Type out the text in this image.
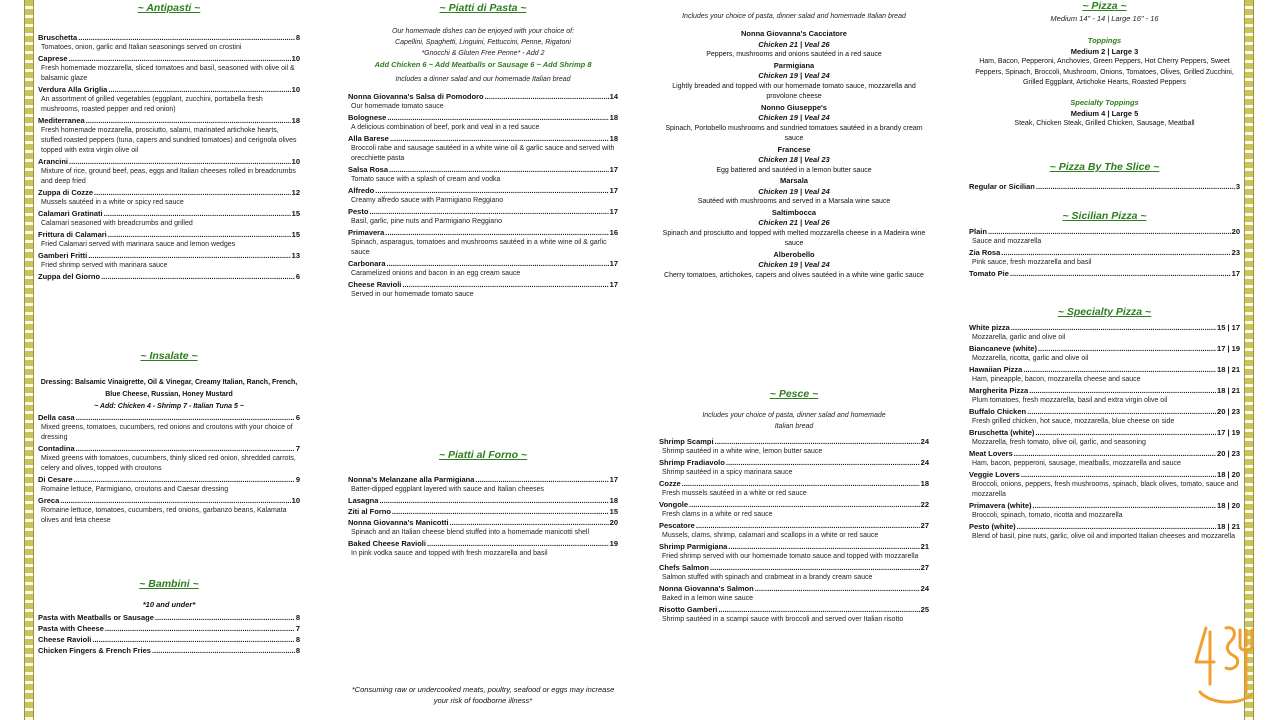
~ Antipasti ~
Bruschetta .....	8
Tomatoes, onion, garlic and Italian seasonings served on crostini
Caprese .....	10
Fresh homemade mozzarella, sliced tomatoes and basil, seasoned with olive oil & balsamic glaze
Verdura Alla Griglia .....	10
An assortment of grilled vegetables (eggplant, zucchini, portabella fresh mushrooms, roasted pepper and red onion)
Mediterranea .....	18
Fresh homemade mozzarella, prosciutto, salami, marinated artichoke hearts, stuffed roasted peppers (tuna, capers and sundried tomatoes) and cerignola olives topped with extra virgin olive oil
Arancini .....	10
Mixture of rice, ground beef, peas, eggs and Italian cheeses rolled in breadcrumbs and deep fried
Zuppa di Cozze .....	12
Mussels sautéed in a white or spicy red sauce
Calamari Gratinati .....	15
Calamari seasoned with breadcrumbs and grilled
Frittura di Calamari .....	15
Fried Calamari served with marinara sauce and lemon wedges
Gamberi Fritti .....	13
Fried shrimp served with marinara sauce
Zuppa del Giorno .....	6
~ Insalate ~
Dressing: Balsamic Vinaigrette, Oil & Vinegar, Creamy Italian, Ranch, French, Blue Cheese, Russian, Honey Mustard
~ Add: Chicken 4 - Shrimp 7 - Italian Tuna 5 ~
Della casa .....	6
Mixed greens, tomatoes, cucumbers, red onions and croutons with your choice of dressing
Contadina .....	7
Mixed greens with tomatoes, cucumbers, thinly sliced red onion, shredded carrots, celery and olives, topped with croutons
Di Cesare .....	9
Romaine lettuce, Parmigiano, croutons and Caesar dressing
Greca .....	10
Romaine lettuce, tomatoes, cucumbers, red onions, garbanzo beans, Kalamata olives and feta cheese
~ Bambini ~
*10 and under*
Pasta with Meatballs or Sausage .....	8
Pasta with Cheese .....	7
Cheese Ravioli .....	8
Chicken Fingers & French Fries .....	8
~ Piatti di Pasta ~
Our homemade dishes can be enjoyed with your choice of:
Capellini, Spaghetti, Linguini, Fettuccini, Penne, Rigatoni
*Gnocchi & Gluten Free Penne* - Add 2
Add Chicken 6 ~ Add Meatballs or Sausage 6 ~ Add Shrimp 8
Includes a dinner salad and our homemade Italian bread
Nonna Giovanna's Salsa di Pomodoro .....	14
Our homemade tomato sauce
Bolognese .....	18
A delicious combination of beef, pork and veal in a red sauce
Alla Barese .....	18
Broccoli rabe and sausage sautéed in a white wine oil & garlic sauce and served with orecchiette pasta
Salsa Rosa .....	17
Tomato sauce with a splash of cream and vodka
Alfredo .....	17
Creamy alfredo sauce with Parmigiano Reggiano
Pesto .....	17
Basil, garlic, pine nuts and Parmigiano Reggiano
Primavera .....	16
Spinach, asparagus, tomatoes and mushrooms sautéed in a white wine oil & garlic sauce
Carbonara .....	17
Caramelized onions and bacon in an egg cream sauce
Cheese Ravioli .....	17
Served in our homemade tomato sauce
~ Piatti al Forno ~
Nonna's Melanzane alla Parmigiana .....	17
Batter-dipped eggplant layered with sauce and Italian cheeses
Lasagna .....	18
Ziti al Forno .....	15
Nonna Giovanna's Manicotti .....	20
Spinach and an Italian cheese blend stuffed into a homemade manicotti shell
Baked Cheese Ravioli .....	19
In pink vodka sauce and topped with fresh mozzarella and basil
*Consuming raw or undercooked meats, poultry, seafood or eggs may increase your risk of foodborne illness*
Includes your choice of pasta, dinner salad and homemade Italian bread
Nonna Giovanna's Cacciatore
Chicken 21 | Veal 26
Peppers, mushrooms and onions sautéed in a red sauce
Parmigiana
Chicken 19 | Veal 24
Lightly breaded and topped with our homemade tomato sauce, mozzarella and provolone cheese
Nonno Giuseppe's
Chicken 19 | Veal 24
Spinach, Portobello mushrooms and sundried tomatoes sautéed in a brandy cream sauce
Francese
Chicken 18 | Veal 23
Egg battered and sautéed in a lemon butter sauce
Marsala
Chicken 19 | Veal 24
Sautéed with mushrooms and served in a Marsala wine sauce
Saltimbocca
Chicken 21 | Veal 26
Spinach and prosciutto and topped with melted mozzarella cheese in a Madeira wine sauce
Alberobello
Chicken 19 | Veal 24
Cherry tomatoes, artichokes, capers and olives sautéed in a white wine garlic sauce
~ Pesce ~
Includes your choice of pasta, dinner salad and homemade Italian bread
Shrimp Scampi .....	24
Shrimp sautéed in a white wine, lemon butter sauce
Shrimp Fradiavolo .....	24
Shrimp sautéed in a spicy marinara sauce
Cozze .....	18
Fresh mussels sautéed in a white or red sauce
Vongole .....	22
Fresh clams in a white or red sauce
Pescatore .....	27
Mussels, clams, shrimp, calamari and scallops in a white or red sauce
Shrimp Parmigiana .....	21
Fried shrimp served with our homemade tomato sauce and topped with mozzarella
Chefs Salmon .....	27
Salmon stuffed with spinach and crabmeat in a brandy cream sauce
Nonna Giovanna's Salmon .....	24
Baked in a lemon wine sauce
Risotto Gamberi .....	25
Shrimp sautéed in a scampi sauce with broccoli and served over Italian risotto
~ Pizza ~
Medium 14" - 14 | Large 16" - 16
Toppings
Medium 2 | Large 3
Ham, Bacon, Pepperoni, Anchovies, Green Peppers, Hot Cherry Peppers, Sweet Peppers, Spinach, Broccoli, Mushroom, Onions, Tomatoes, Olives, Grilled Zucchini, Grilled Eggplant, Artichoke Hearts, Roasted Peppers
Specialty Toppings
Medium 4 | Large 5
Steak, Chicken Steak, Grilled Chicken, Sausage, Meatball
~ Pizza By The Slice ~
Regular or Sicilian .....	3
~ Sicilian Pizza ~
Plain .....	20
Sauce and mozzarella
Zia Rosa .....	23
Pink sauce, fresh mozzarella and basil
Tomato Pie .....	17
~ Specialty Pizza ~
White pizza .....	15 | 17
Mozzarella, garlic and olive oil
Biancaneve (white) .....	17 | 19
Mozzarella, ricotta, garlic and olive oil
Hawaiian Pizza .....	18 | 21
Ham, pineapple, bacon, mozzarella cheese and sauce
Margherita Pizza .....	18 | 21
Plum tomatoes, fresh mozzarella, basil and extra virgin olive oil
Buffalo Chicken .....	20 | 23
Fresh grilled chicken, hot sauce, mozzarella, blue cheese on side
Bruschetta (white) .....	17 | 19
Mozzarella, fresh tomato, olive oil, garlic, and seasoning
Meat Lovers .....	20 | 23
Ham, bacon, pepperoni, sausage, meatballs, mozzarella and sauce
Veggie Lovers .....	18 | 20
Broccoli, onions, peppers, fresh mushrooms, spinach, black olives, tomato, sauce and mozzarella
Primavera (white) .....	18 | 20
Broccoli, spinach, tomato, ricotta and mozzarella
Pesto (white) .....	18 | 21
Blend of basil, pine nuts, garlic, olive oil and imported Italian cheeses and mozzarella
